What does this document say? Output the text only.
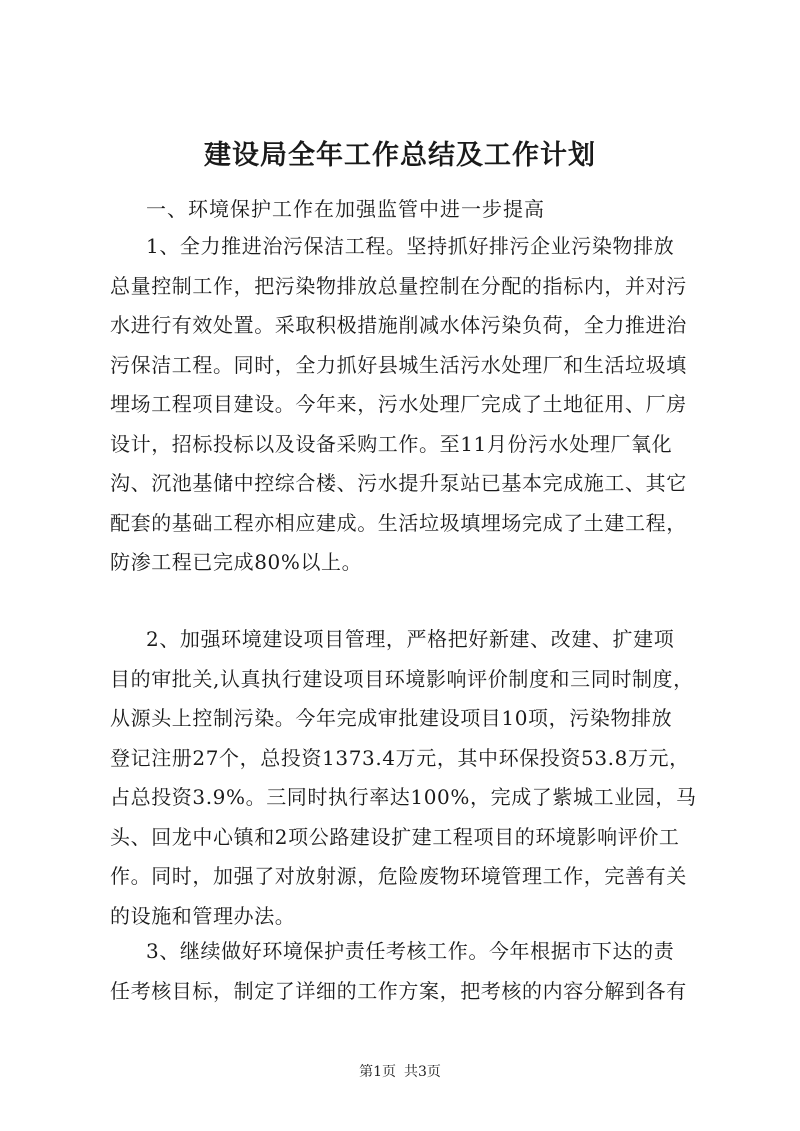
建设局全年工作总结及工作计划

一、环境保护工作在加强监管中进一步提高

1、全力推进治污保洁工程。坚持抓好排污企业污染物排放
总量控制工作，把污染物排放总量控制在分配的指标内，并对污
水进行有效处置。采取积极措施削减水体污染负荷，全力推进治
污保洁工程。同时，全力抓好县城生活污水处理厂和生活垃圾填
埋场工程项目建设。今年来，污水处理厂完成了土地征用、厂房
设计，招标投标以及设备采购工作。至11月份污水处理厂氧化
沟、沉池基储中控综合楼、污水提升泵站已基本完成施工、其它
配套的基础工程亦相应建成。生活垃圾填埋场完成了土建工程，
防渗工程已完成80%以上。
2、加强环境建设项目管理，严格把好新建、改建、扩建项
目的审批关,认真执行建设项目环境影响评价制度和三同时制度，
从源头上控制污染。今年完成审批建设项目10项，污染物排放
登记注册27个，总投资1373.4万元，其中环保投资53.8万元，
占总投资3.9%。三同时执行率达100%，完成了紫城工业园，马
头、回龙中心镇和2项公路建设扩建工程项目的环境影响评价工
作。同时，加强了对放射源，危险废物环境管理工作，完善有关
的设施和管理办法。
3、继续做好环境保护责任考核工作。今年根据市下达的责
任考核目标，制定了详细的工作方案，把考核的内容分解到各有
第1页 共3页
